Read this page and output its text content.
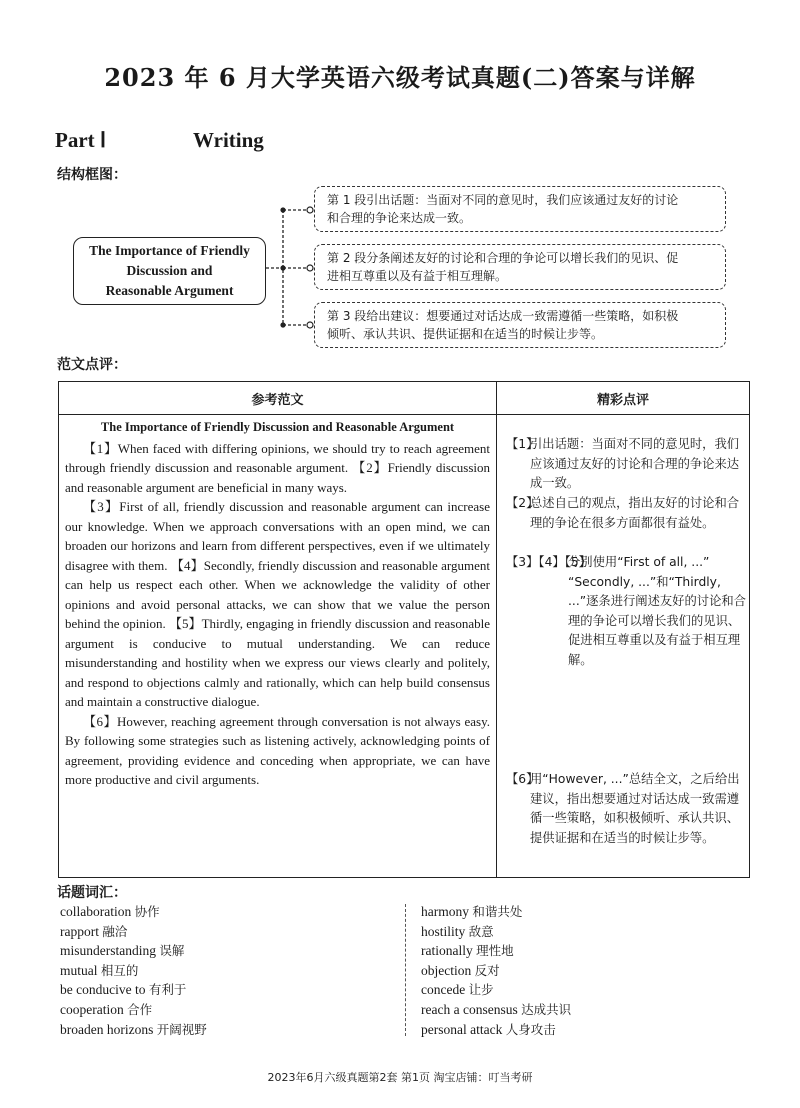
2023 年 6 月大学英语六级考试真题(二)答案与详解
Part Ⅰ	Writing
结构框图：
The Importance of Friendly
Discussion and
Reasonable Argument
第 1 段引出话题：当面对不同的意见时，我们应该通过友好的讨论
和合理的争论来达成一致。
第 2 段分条阐述友好的讨论和合理的争论可以增长我们的见识、促
进相互尊重以及有益于相互理解。
第 3 段给出建议：想要通过对话达成一致需遵循一些策略，如积极
倾听、承认共识、提供证据和在适当的时候让步等。
范文点评：
参考范文	精彩点评
The Importance of Friendly Discussion and Reasonable Argument

【1】When faced with differing opinions, we should try to reach agreement through friendly discussion and reasonable argument. 【2】Friendly discussion and reasonable argument are beneficial in many ways.

【3】First of all, friendly discussion and reasonable argument can increase our knowledge. When we approach conversations with an open mind, we can broaden our horizons and learn from different perspectives, even if we ultimately disagree with them. 【4】Secondly, friendly discussion and reasonable argument can help us respect each other. When we acknowledge the validity of other opinions and avoid personal attacks, we can show that we value the person behind the opinion. 【5】Thirdly, engaging in friendly discussion and reasonable argument is conducive to mutual understanding. We can reduce misunderstanding and hostility when we express our views clearly and politely, and respond to objections calmly and rationally, which can help build consensus and maintain a constructive dialogue.

【6】However, reaching agreement through conversation is not always easy. By following some strategies such as listening actively, acknowledging points of agreement, providing evidence and conceding when appropriate, we can have more productive and civil arguments.

【1】
引出话题：当面对不同的意见时，我们应该通过友好的讨论和合理的争论来达成一致。
【2】
总述自己的观点，指出友好的讨论和合理的争论在很多方面都很有益处。
【3】【4】【5】
分别使用“First of all, ...” “Secondly, ...”和“Thirdly, ...”逐条进行阐述友好的讨论和合理的争论可以增长我们的见识、促进相互尊重以及有益于相互理解。
【6】
用“However, ...”总结全文，之后给出建议，指出想要通过对话达成一致需遵循一些策略，如积极倾听、承认共识、提供证据和在适当的时候让步等。
话题词汇：
collaboration 协作
rapport 融洽
misunderstanding 误解
mutual 相互的
be conducive to 有利于
cooperation 合作
broaden horizons 开阔视野
harmony 和谐共处
hostility 敌意
rationally 理性地
objection 反对
concede 让步
reach a consensus 达成共识
personal attack 人身攻击
2023年6月六级真题第2套 第1页 淘宝店铺：叮当考研
